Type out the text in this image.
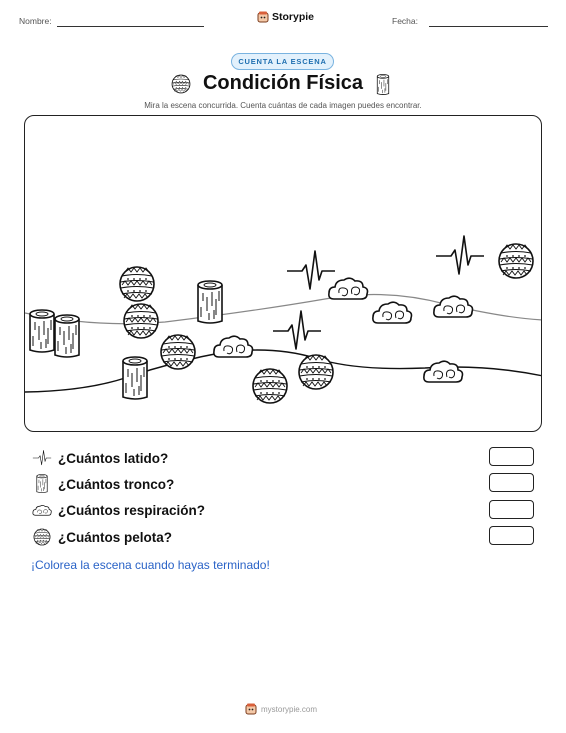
Nombre:	Storypie	Fecha:
CUENTA LA ESCENA
Condición Física
Mira la escena concurrida. Cuenta cuántas de cada imagen puedes encontrar.
¿Cuántos latido?
¿Cuántos tronco?
¿Cuántos respiración?
¿Cuántos pelota?
¡Colorea la escena cuando hayas terminado!
mystorypie.com
